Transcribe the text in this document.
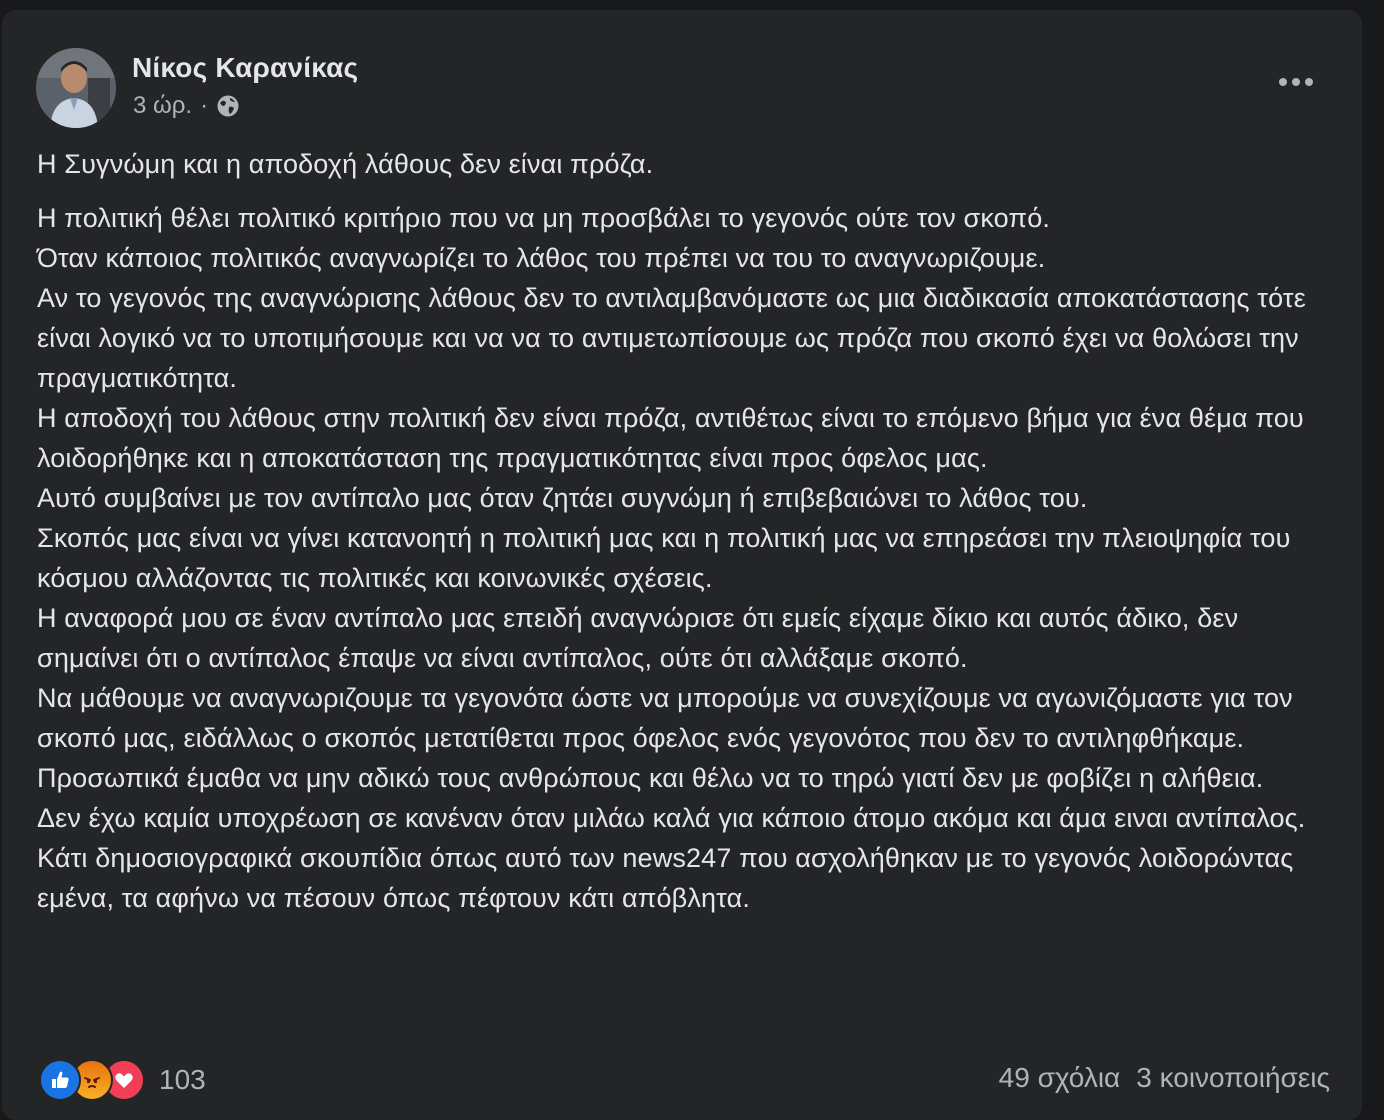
Νίκος Καρανίκας
3 ώρ. ·

Η Συγνώμη και η αποδοχή λάθους δεν είναι πρόζα.

Η πολιτική θέλει πολιτικό κριτήριο που να μη προσβάλει το γεγονός ούτε τον σκοπό.

Όταν κάποιος πολιτικός αναγνωρίζει το λάθος του πρέπει να του το αναγνωριζουμε.

Αν το γεγονός της αναγνώρισης λάθους δεν το αντιλαμβανόμαστε ως μια διαδικασία αποκατάστασης τότε είναι λογικό να το υποτιμήσουμε και να να το αντιμετωπίσουμε ως πρόζα που σκοπό έχει να θολώσει την πραγματικότητα.

Η αποδοχή του λάθους στην πολιτική δεν είναι πρόζα, αντιθέτως είναι το επόμενο βήμα για ένα θέμα που λοιδορήθηκε και η αποκατάσταση της πραγματικότητας είναι προς όφελος μας.

Αυτό συμβαίνει με τον αντίπαλο μας όταν ζητάει συγνώμη ή επιβεβαιώνει το λάθος του.

Σκοπός μας είναι να γίνει κατανοητή η πολιτική μας και η πολιτική μας να επηρεάσει την πλειοψηφία του κόσμου αλλάζοντας τις πολιτικές και κοινωνικές σχέσεις.

Η αναφορά μου σε έναν αντίπαλο μας επειδή αναγνώρισε ότι εμείς είχαμε δίκιο και αυτός άδικο, δεν σημαίνει ότι ο αντίπαλος έπαψε να είναι αντίπαλος, ούτε ότι αλλάξαμε σκοπό.

Να μάθουμε να αναγνωριζουμε τα γεγονότα ώστε να μπορούμε να συνεχίζουμε να αγωνιζόμαστε για τον σκοπό μας, ειδάλλως ο σκοπός μετατίθεται προς όφελος ενός γεγονότος που δεν το αντιληφθήκαμε.

Προσωπικά έμαθα να μην αδικώ τους ανθρώπους και θέλω να το τηρώ γιατί δεν με φοβίζει η αλήθεια.

Δεν έχω καμία υποχρέωση σε κανέναν όταν μιλάω καλά για κάποιο άτομο ακόμα και άμα ειναι αντίπαλος.

Κάτι δημοσιογραφικά σκουπίδια όπως αυτό των news247 που ασχολήθηκαν με το γεγονός λοιδορώντας εμένα, τα αφήνω να πέσουν όπως πέφτουν κάτι απόβλητα.

103	49 σχόλια 3 κοινοποιήσεις
